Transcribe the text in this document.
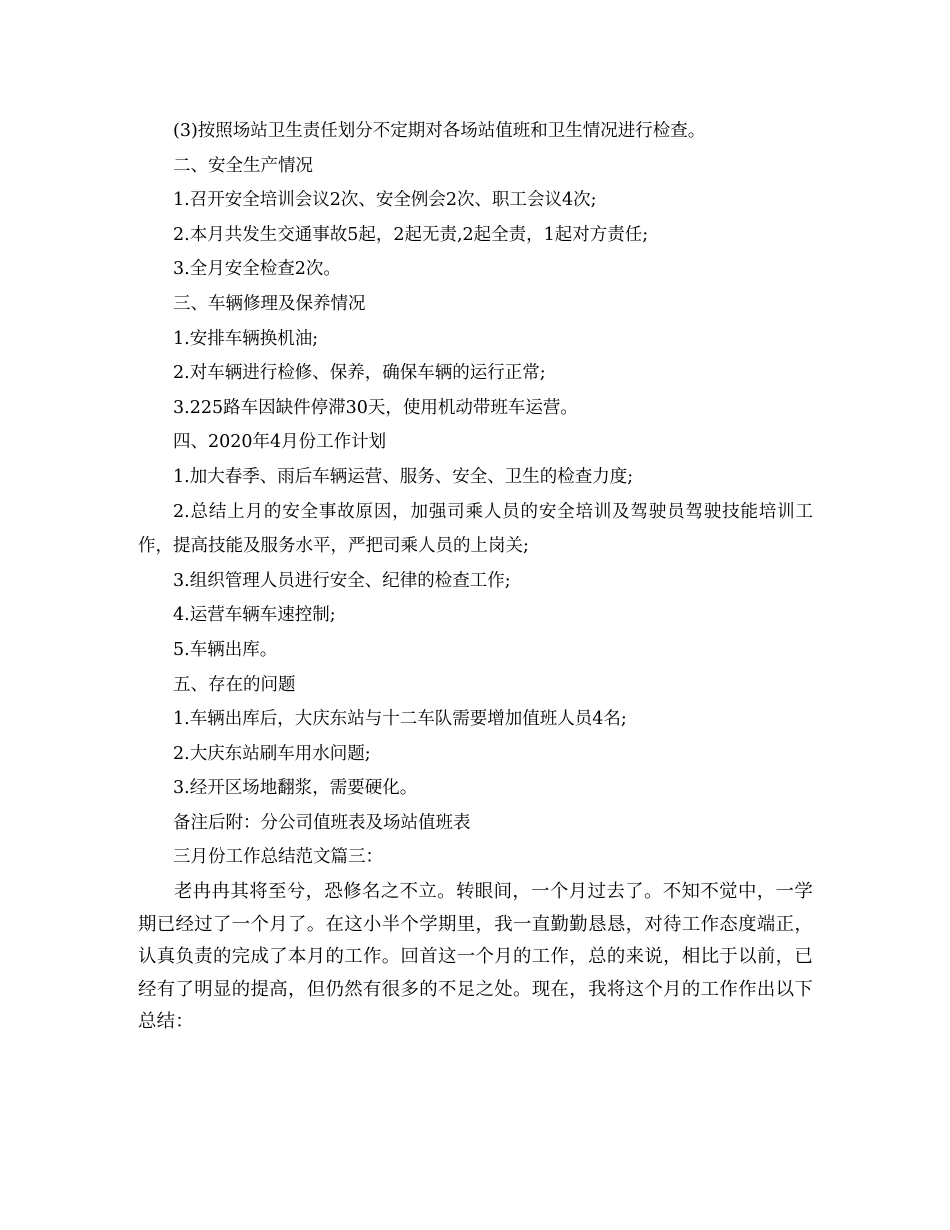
(3)按照场站卫生责任划分不定期对各场站值班和卫生情况进行检查。
二、安全生产情况
1.召开安全培训会议2次、安全例会2次、职工会议4次;
2.本月共发生交通事故5起，2起无责,2起全责，1起对方责任;
3.全月安全检查2次。
三、车辆修理及保养情况
1.安排车辆换机油;
2.对车辆进行检修、保养，确保车辆的运行正常;
3.225路车因缺件停滞30天，使用机动带班车运营。
四、2020年4月份工作计划
1.加大春季、雨后车辆运营、服务、安全、卫生的检查力度;

2.总结上月的安全事故原因，加强司乘人员的安全培训及驾驶员驾驶技能培训工作，提高技能及服务水平，严把司乘人员的上岗关;

3.组织管理人员进行安全、纪律的检查工作;
4.运营车辆车速控制;
5.车辆出库。
五、存在的问题
1.车辆出库后，大庆东站与十二车队需要增加值班人员4名;
2.大庆东站刷车用水问题;
3.经开区场地翻浆，需要硬化。
备注后附：分公司值班表及场站值班表
三月份工作总结范文篇三：

老冉冉其将至兮，恐修名之不立。转眼间，一个月过去了。不知不觉中，一学期已经过了一个月了。在这小半个学期里，我一直勤勤恳恳，对待工作态度端正，认真负责的完成了本月的工作。回首这一个月的工作，总的来说，相比于以前，已经有了明显的提高，但仍然有很多的不足之处。现在，我将这个月的工作作出以下总结：
